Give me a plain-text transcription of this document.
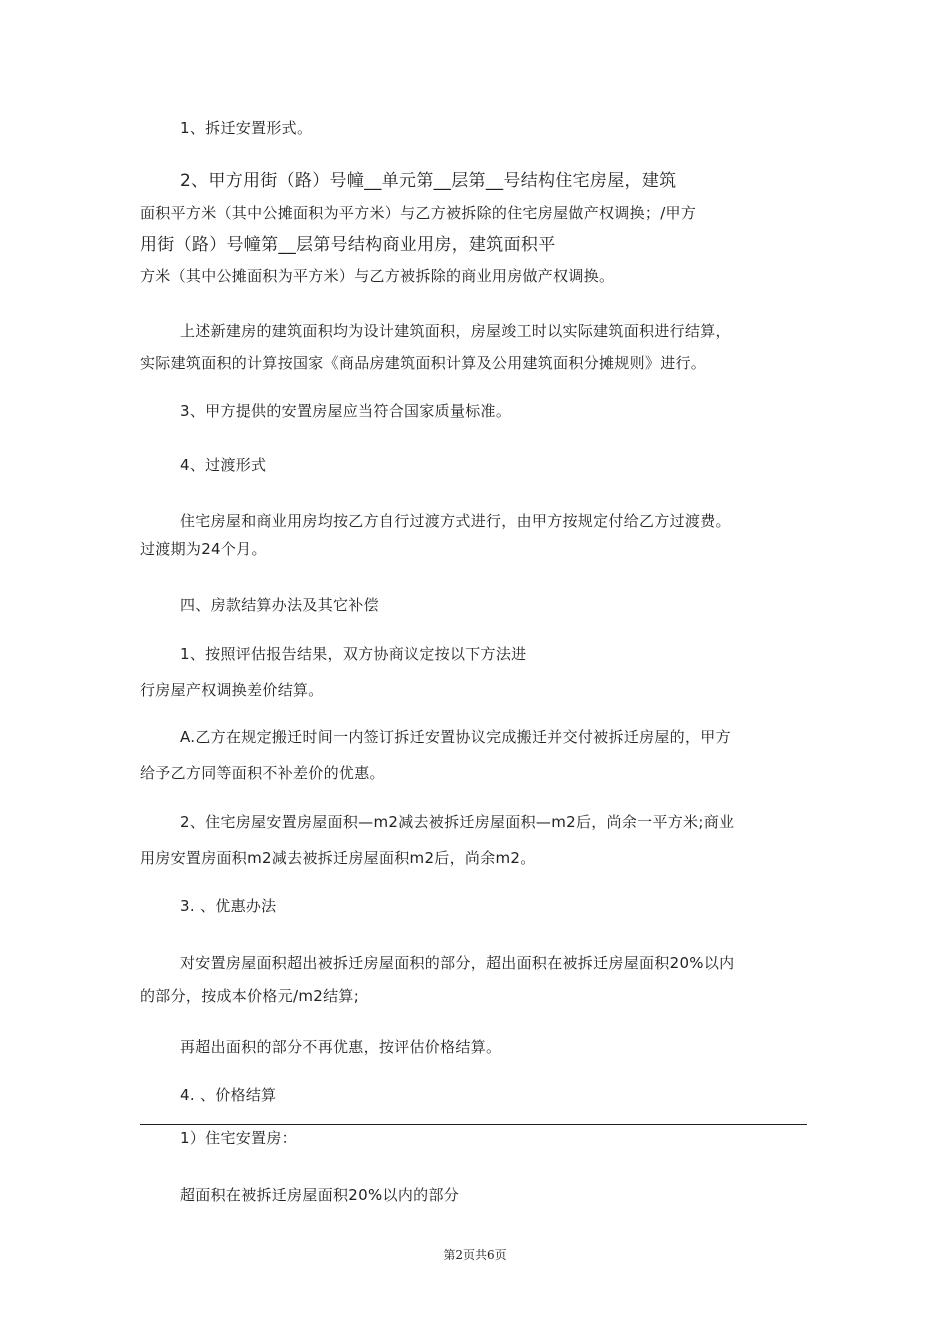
1、拆迁安置形式。
2、甲方用街（路）号幢__单元第__层第__号结构住宅房屋，建筑
面积平方米（其中公摊面积为平方米）与乙方被拆除的住宅房屋做产权调换；/甲方
用街（路）号幢第__层第号结构商业用房，建筑面积平
方米（其中公摊面积为平方米）与乙方被拆除的商业用房做产权调换。
上述新建房的建筑面积均为设计建筑面积，房屋竣工时以实际建筑面积进行结算，
实际建筑面积的计算按国家《商品房建筑面积计算及公用建筑面积分摊规则》进行。
3、甲方提供的安置房屋应当符合国家质量标准。
4、过渡形式
住宅房屋和商业用房均按乙方自行过渡方式进行，由甲方按规定付给乙方过渡费。
过渡期为24个月。
四、房款结算办法及其它补偿
1、按照评估报告结果，双方协商议定按以下方法进
行房屋产权调换差价结算。
A.乙方在规定搬迁时间一内签订拆迁安置协议完成搬迁并交付被拆迁房屋的，甲方
给予乙方同等面积不补差价的优惠。
2、住宅房屋安置房屋面积—m2减去被拆迁房屋面积—m2后，尚余一平方米;商业
用房安置房面积m2减去被拆迁房屋面积m2后，尚余m2。
3. 、优惠办法
对安置房屋面积超出被拆迁房屋面积的部分，超出面积在被拆迁房屋面积20%以内
的部分，按成本价格元/m2结算;
再超出面积的部分不再优惠，按评估价格结算。
4. 、价格结算
1）住宅安置房：
超面积在被拆迁房屋面积20%以内的部分
第2页共6页
